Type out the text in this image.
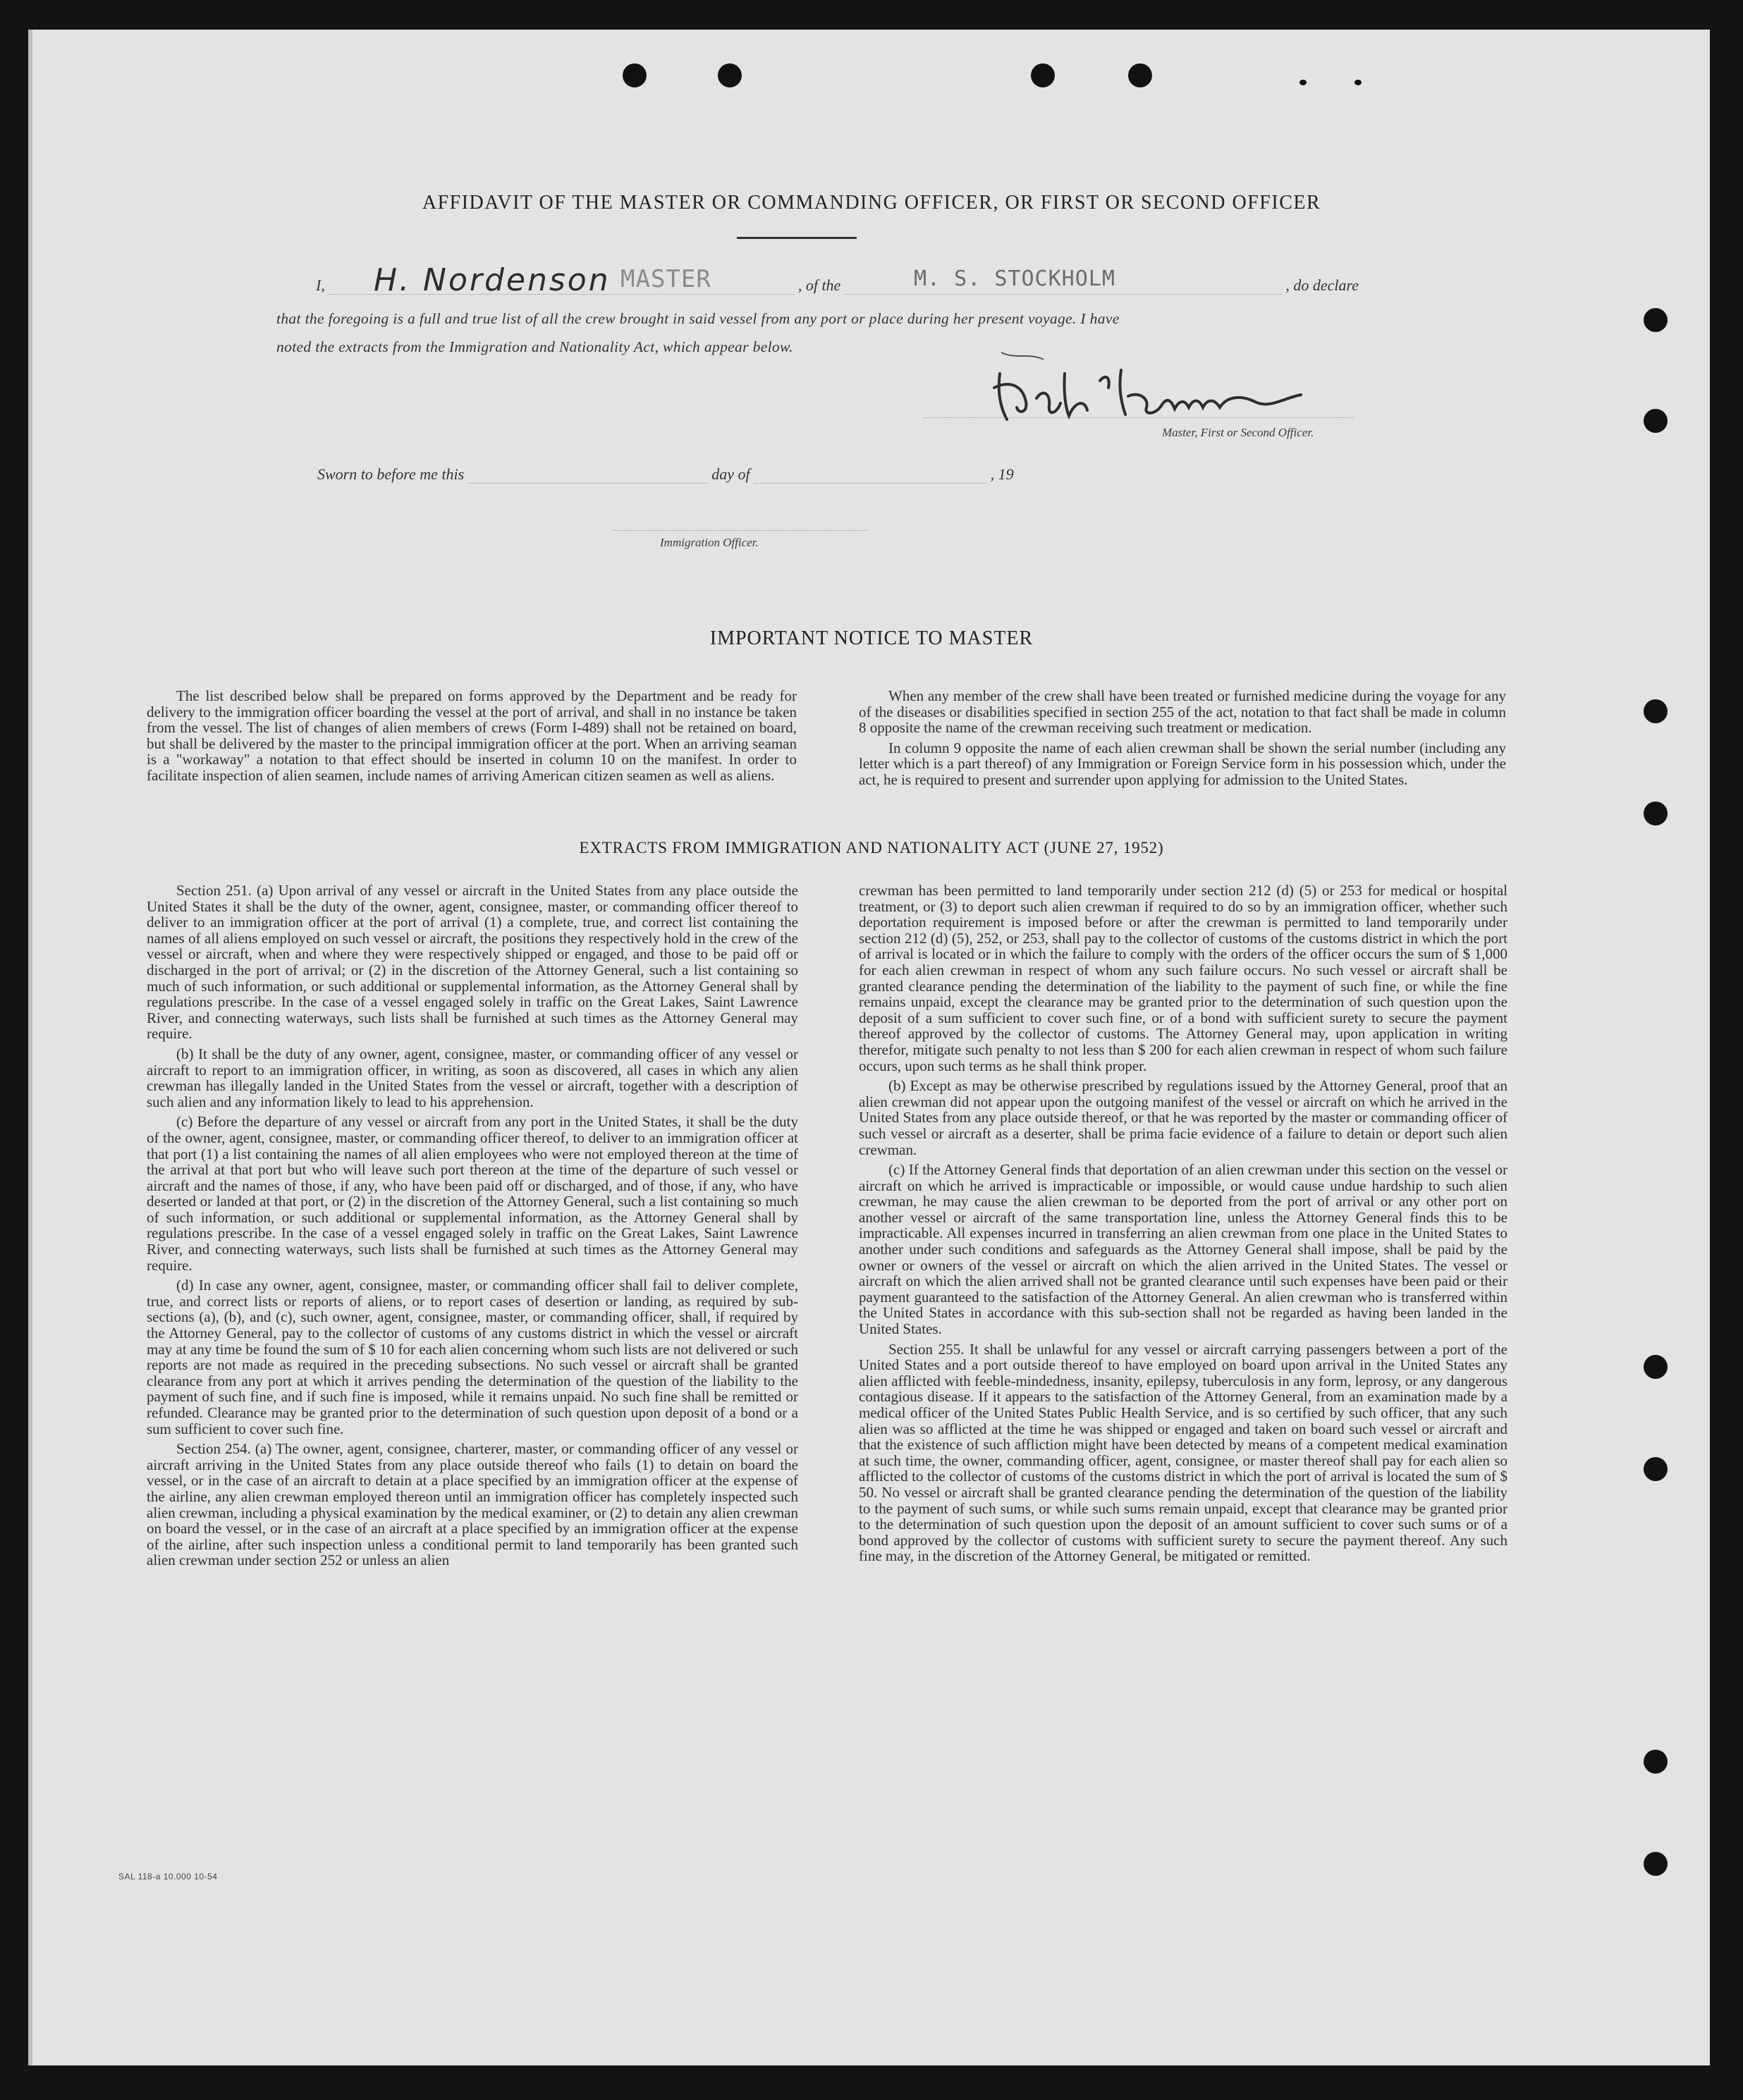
AFFIDAVIT OF THE MASTER OR COMMANDING OFFICER, OR FIRST OR SECOND OFFICER
I,	, of the	, do declare
H. Nordenson MASTER	M. S. STOCKHOLM
that the foregoing is a full and true list of all the crew brought in said vessel from any port or place during her present voyage. I have
noted the extracts from the Immigration and Nationality Act, which appear below.
Master, First or Second Officer.
Sworn to before me this	day of	, 19
Immigration Officer.
IMPORTANT NOTICE TO MASTER

The list described below shall be prepared on forms approved by the Department and be ready for delivery to the immigration officer boarding the vessel at the port of arrival, and shall in no instance be taken from the vessel. The list of changes of alien members of crews (Form I-489) shall not be retained on board, but shall be delivered by the master to the principal immigration officer at the port. When an arriving seaman is a "workaway" a notation to that effect should be inserted in column 10 on the manifest. In order to facilitate inspection of alien seamen, include names of arriving American citizen seamen as well as aliens.

When any member of the crew shall have been treated or furnished medicine during the voyage for any of the diseases or disabilities specified in section 255 of the act, notation to that fact shall be made in column 8 opposite the name of the crewman receiving such treatment or medication.

In column 9 opposite the name of each alien crewman shall be shown the serial number (including any letter which is a part thereof) of any Immigration or Foreign Service form in his possession which, under the act, he is required to present and surrender upon applying for admission to the United States.

EXTRACTS FROM IMMIGRATION AND NATIONALITY ACT (JUNE 27, 1952)

Section 251. (a) Upon arrival of any vessel or aircraft in the United States from any place outside the United States it shall be the duty of the owner, agent, consignee, master, or commanding officer thereof to deliver to an immigration officer at the port of arrival (1) a complete, true, and correct list containing the names of all aliens employed on such vessel or aircraft, the positions they respectively hold in the crew of the vessel or aircraft, when and where they were respectively shipped or engaged, and those to be paid off or discharged in the port of arrival; or (2) in the discretion of the Attorney General, such a list containing so much of such information, or such additional or supplemental information, as the Attorney General shall by regulations prescribe. In the case of a vessel engaged solely in traffic on the Great Lakes, Saint Lawrence River, and connecting waterways, such lists shall be furnished at such times as the Attorney General may require.

(b) It shall be the duty of any owner, agent, consignee, master, or commanding officer of any vessel or aircraft to report to an immigration officer, in writing, as soon as discovered, all cases in which any alien crewman has illegally landed in the United States from the vessel or aircraft, together with a description of such alien and any information likely to lead to his apprehension.

(c) Before the departure of any vessel or aircraft from any port in the United States, it shall be the duty of the owner, agent, consignee, master, or commanding officer thereof, to deliver to an immigration officer at that port (1) a list containing the names of all alien employees who were not employed thereon at the time of the arrival at that port but who will leave such port thereon at the time of the departure of such vessel or aircraft and the names of those, if any, who have been paid off or discharged, and of those, if any, who have deserted or landed at that port, or (2) in the discretion of the Attorney General, such a list containing so much of such information, or such additional or supplemental information, as the Attorney General shall by regulations prescribe. In the case of a vessel engaged solely in traffic on the Great Lakes, Saint Lawrence River, and connecting waterways, such lists shall be furnished at such times as the Attorney General may require.

(d) In case any owner, agent, consignee, master, or commanding officer shall fail to deliver complete, true, and correct lists or reports of aliens, or to report cases of desertion or landing, as required by sub-sections (a), (b), and (c), such owner, agent, consignee, master, or commanding officer, shall, if required by the Attorney General, pay to the collector of customs of any customs district in which the vessel or aircraft may at any time be found the sum of $ 10 for each alien concerning whom such lists are not delivered or such reports are not made as required in the preceding subsections. No such vessel or aircraft shall be granted clearance from any port at which it arrives pending the determination of the question of the liability to the payment of such fine, and if such fine is imposed, while it remains unpaid. No such fine shall be remitted or refunded. Clearance may be granted prior to the determination of such question upon deposit of a bond or a sum sufficient to cover such fine.

Section 254. (a) The owner, agent, consignee, charterer, master, or commanding officer of any vessel or aircraft arriving in the United States from any place outside thereof who fails (1) to detain on board the vessel, or in the case of an aircraft to detain at a place specified by an immigration officer at the expense of the airline, any alien crewman employed thereon until an immigration officer has completely inspected such alien crewman, including a physical examination by the medical examiner, or (2) to detain any alien crewman on board the vessel, or in the case of an aircraft at a place specified by an immigration officer at the expense of the airline, after such inspection unless a conditional permit to land temporarily has been granted such alien crewman under section 252 or unless an alien

crewman has been permitted to land temporarily under section 212 (d) (5) or 253 for medical or hospital treatment, or (3) to deport such alien crewman if required to do so by an immigration officer, whether such deportation requirement is imposed before or after the crewman is permitted to land temporarily under section 212 (d) (5), 252, or 253, shall pay to the collector of customs of the customs district in which the port of arrival is located or in which the failure to comply with the orders of the officer occurs the sum of $ 1,000 for each alien crewman in respect of whom any such failure occurs. No such vessel or aircraft shall be granted clearance pending the determination of the liability to the payment of such fine, or while the fine remains unpaid, except the clearance may be granted prior to the determination of such question upon the deposit of a sum sufficient to cover such fine, or of a bond with sufficient surety to secure the payment thereof approved by the collector of customs. The Attorney General may, upon application in writing therefor, mitigate such penalty to not less than $ 200 for each alien crewman in respect of whom such failure occurs, upon such terms as he shall think proper.

(b) Except as may be otherwise prescribed by regulations issued by the Attorney General, proof that an alien crewman did not appear upon the outgoing manifest of the vessel or aircraft on which he arrived in the United States from any place outside thereof, or that he was reported by the master or commanding officer of such vessel or aircraft as a deserter, shall be prima facie evidence of a failure to detain or deport such alien crewman.

(c) If the Attorney General finds that deportation of an alien crewman under this section on the vessel or aircraft on which he arrived is impracticable or impossible, or would cause undue hardship to such alien crewman, he may cause the alien crewman to be deported from the port of arrival or any other port on another vessel or aircraft of the same transportation line, unless the Attorney General finds this to be impracticable. All expenses incurred in transferring an alien crewman from one place in the United States to another under such conditions and safeguards as the Attorney General shall impose, shall be paid by the owner or owners of the vessel or aircraft on which the alien arrived in the United States. The vessel or aircraft on which the alien arrived shall not be granted clearance until such expenses have been paid or their payment guaranteed to the satisfaction of the Attorney General. An alien crewman who is transferred within the United States in accordance with this sub-section shall not be regarded as having been landed in the United States.

Section 255. It shall be unlawful for any vessel or aircraft carrying passengers between a port of the United States and a port outside thereof to have employed on board upon arrival in the United States any alien afflicted with feeble-mindedness, insanity, epilepsy, tuberculosis in any form, leprosy, or any dangerous contagious disease. If it appears to the satisfaction of the Attorney General, from an examination made by a medical officer of the United States Public Health Service, and is so certified by such officer, that any such alien was so afflicted at the time he was shipped or engaged and taken on board such vessel or aircraft and that the existence of such affliction might have been detected by means of a competent medical examination at such time, the owner, commanding officer, agent, consignee, or master thereof shall pay for each alien so afflicted to the collector of customs of the customs district in which the port of arrival is located the sum of $ 50. No vessel or aircraft shall be granted clearance pending the determination of the question of the liability to the payment of such sums, or while such sums remain unpaid, except that clearance may be granted prior to the determination of such question upon the deposit of an amount sufficient to cover such sums or of a bond approved by the collector of customs with sufficient surety to secure the payment thereof. Any such fine may, in the discretion of the Attorney General, be mitigated or remitted.

SAL 118-a 10.000 10-54
